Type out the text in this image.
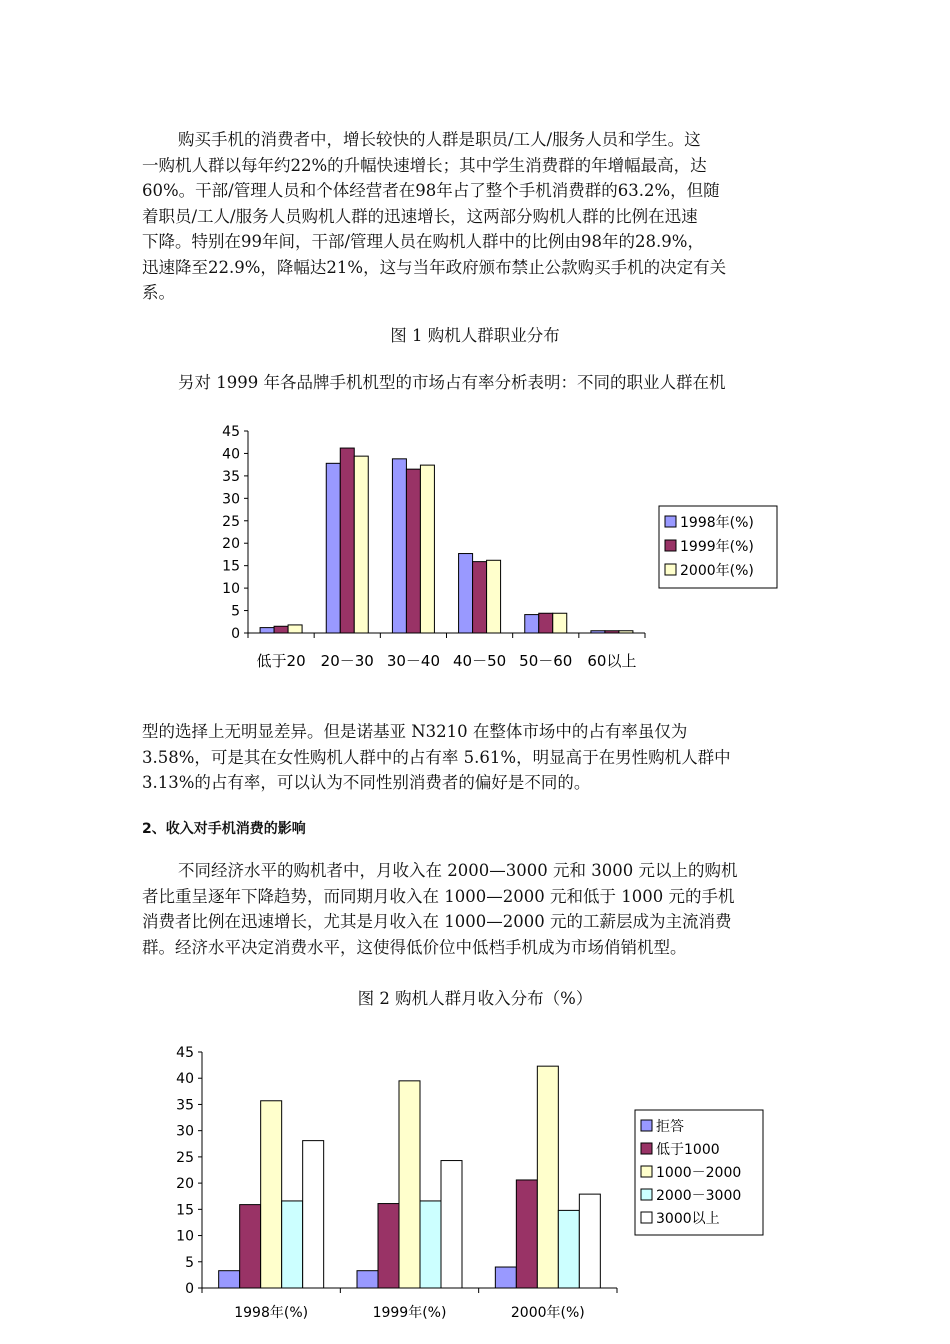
购买手机的消费者中，增长较快的人群是职员/工人/服务人员和学生。这
一购机人群以每年约22%的升幅快速增长；其中学生消费群的年增幅最高，达
60%。干部/管理人员和个体经营者在98年占了整个手机消费群的63.2%，但随
着职员/工人/服务人员购机人群的迅速增长，这两部分购机人群的比例在迅速
下降。特别在99年间，干部/管理人员在购机人群中的比例由98年的28.9%，
迅速降至22.9%，降幅达21%，这与当年政府颁布禁止公款购买手机的决定有关
系。

图 1 购机人群职业分布

另对 1999 年各品牌手机机型的市场占有率分析表明：不同的职业人群在机
0
5
10
15
20
25
30
35
40
45
低于20 20－30 30－40 40－50 50－60 60以上
1998年(%)
1999年(%)
2000年(%)
型的选择上无明显差异。但是诺基亚 N3210 在整体市场中的占有率虽仅为
3.58%，可是其在女性购机人群中的占有率 5.61%，明显高于在男性购机人群中
3.13%的占有率，可以认为不同性别消费者的偏好是不同的。

2、收入对手机消费的影响

不同经济水平的购机者中，月收入在 2000—3000 元和 3000 元以上的购机
者比重呈逐年下降趋势，而同期月收入在 1000—2000 元和低于 1000 元的手机
消费者比例在迅速增长，尤其是月收入在 1000—2000 元的工薪层成为主流消费
群。经济水平决定消费水平，这使得低价位中低档手机成为市场俏销机型。

图 2 购机人群月收入分布（%）

0
5
10
15
20
25
30
35
40
45
1998年(%)	1999年(%)	2000年(%)
拒答
低于1000
1000－2000
2000－3000
3000以上
